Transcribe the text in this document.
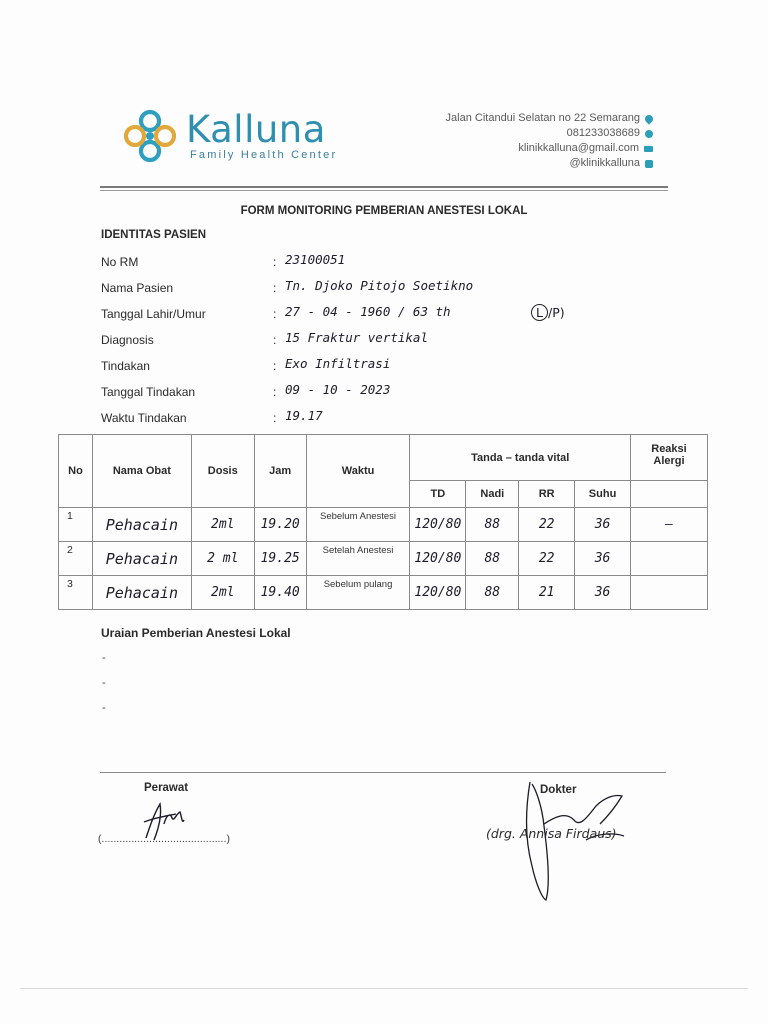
Kalluna
Family Health Center
Jalan Citandui Selatan no 22 Semarang
081233038689
klinikkalluna@gmail.com
@klinikkalluna
FORM MONITORING PEMBERIAN ANESTESI LOKAL
IDENTITAS PASIEN
No RM	: 23100051
Nama Pasien	: Tn. Djoko Pitojo Soetikno
Tanggal Lahir/Umur	: 27 - 04 - 1960 / 63 th	L /P)
Diagnosis	: 15 Fraktur vertikal
Tindakan	: Exo Infiltrasi
Tanggal Tindakan	: 09 - 10 - 2023
Waktu Tindakan	: 19.17
No	Nama Obat	Dosis	Jam	Waktu	Tanda – tanda vital				Reaksi Alergi
					TD	Nadi	RR	Suhu	
1	Pehacain	2ml	19.20	Sebelum Anestesi	120/80	88	22	36	–
2	Pehacain	2 ml	19.25	Setelah Anestesi	120/80	88	22	36	
3	Pehacain	2ml	19.40	Sebelum pulang	120/80	88	21	36	
Uraian Pemberian Anestesi Lokal
-
-
-
Perawat
(..........................................)
Dokter
(drg. Annisa Firdaus)
